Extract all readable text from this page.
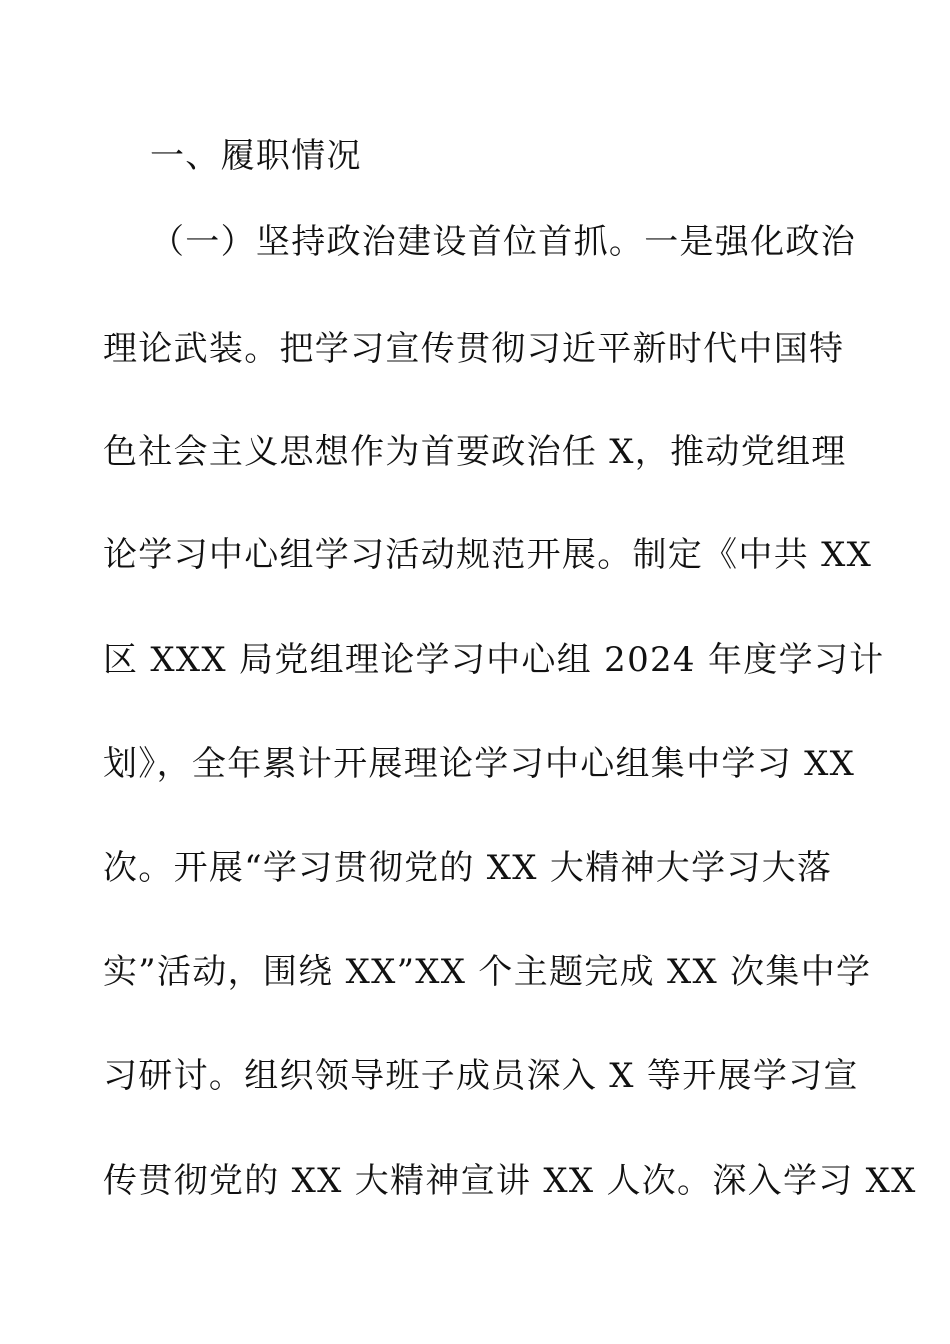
一、履职情况
（一）坚持政治建设首位首抓。一是强化政治
理论武装。把学习宣传贯彻习近平新时代中国特
色社会主义思想作为首要政治任 X，推动党组理
论学习中心组学习活动规范开展。制定《中共 XX
区 XXX 局党组理论学习中心组 2024 年度学习计
划》，全年累计开展理论学习中心组集中学习 XX
次。开展“学习贯彻党的 XX 大精神大学习大落
实”活动，围绕 XX”XX 个主题完成 XX 次集中学
习研讨。组织领导班子成员深入 X 等开展学习宣
传贯彻党的 XX 大精神宣讲 XX 人次。深入学习 XX
